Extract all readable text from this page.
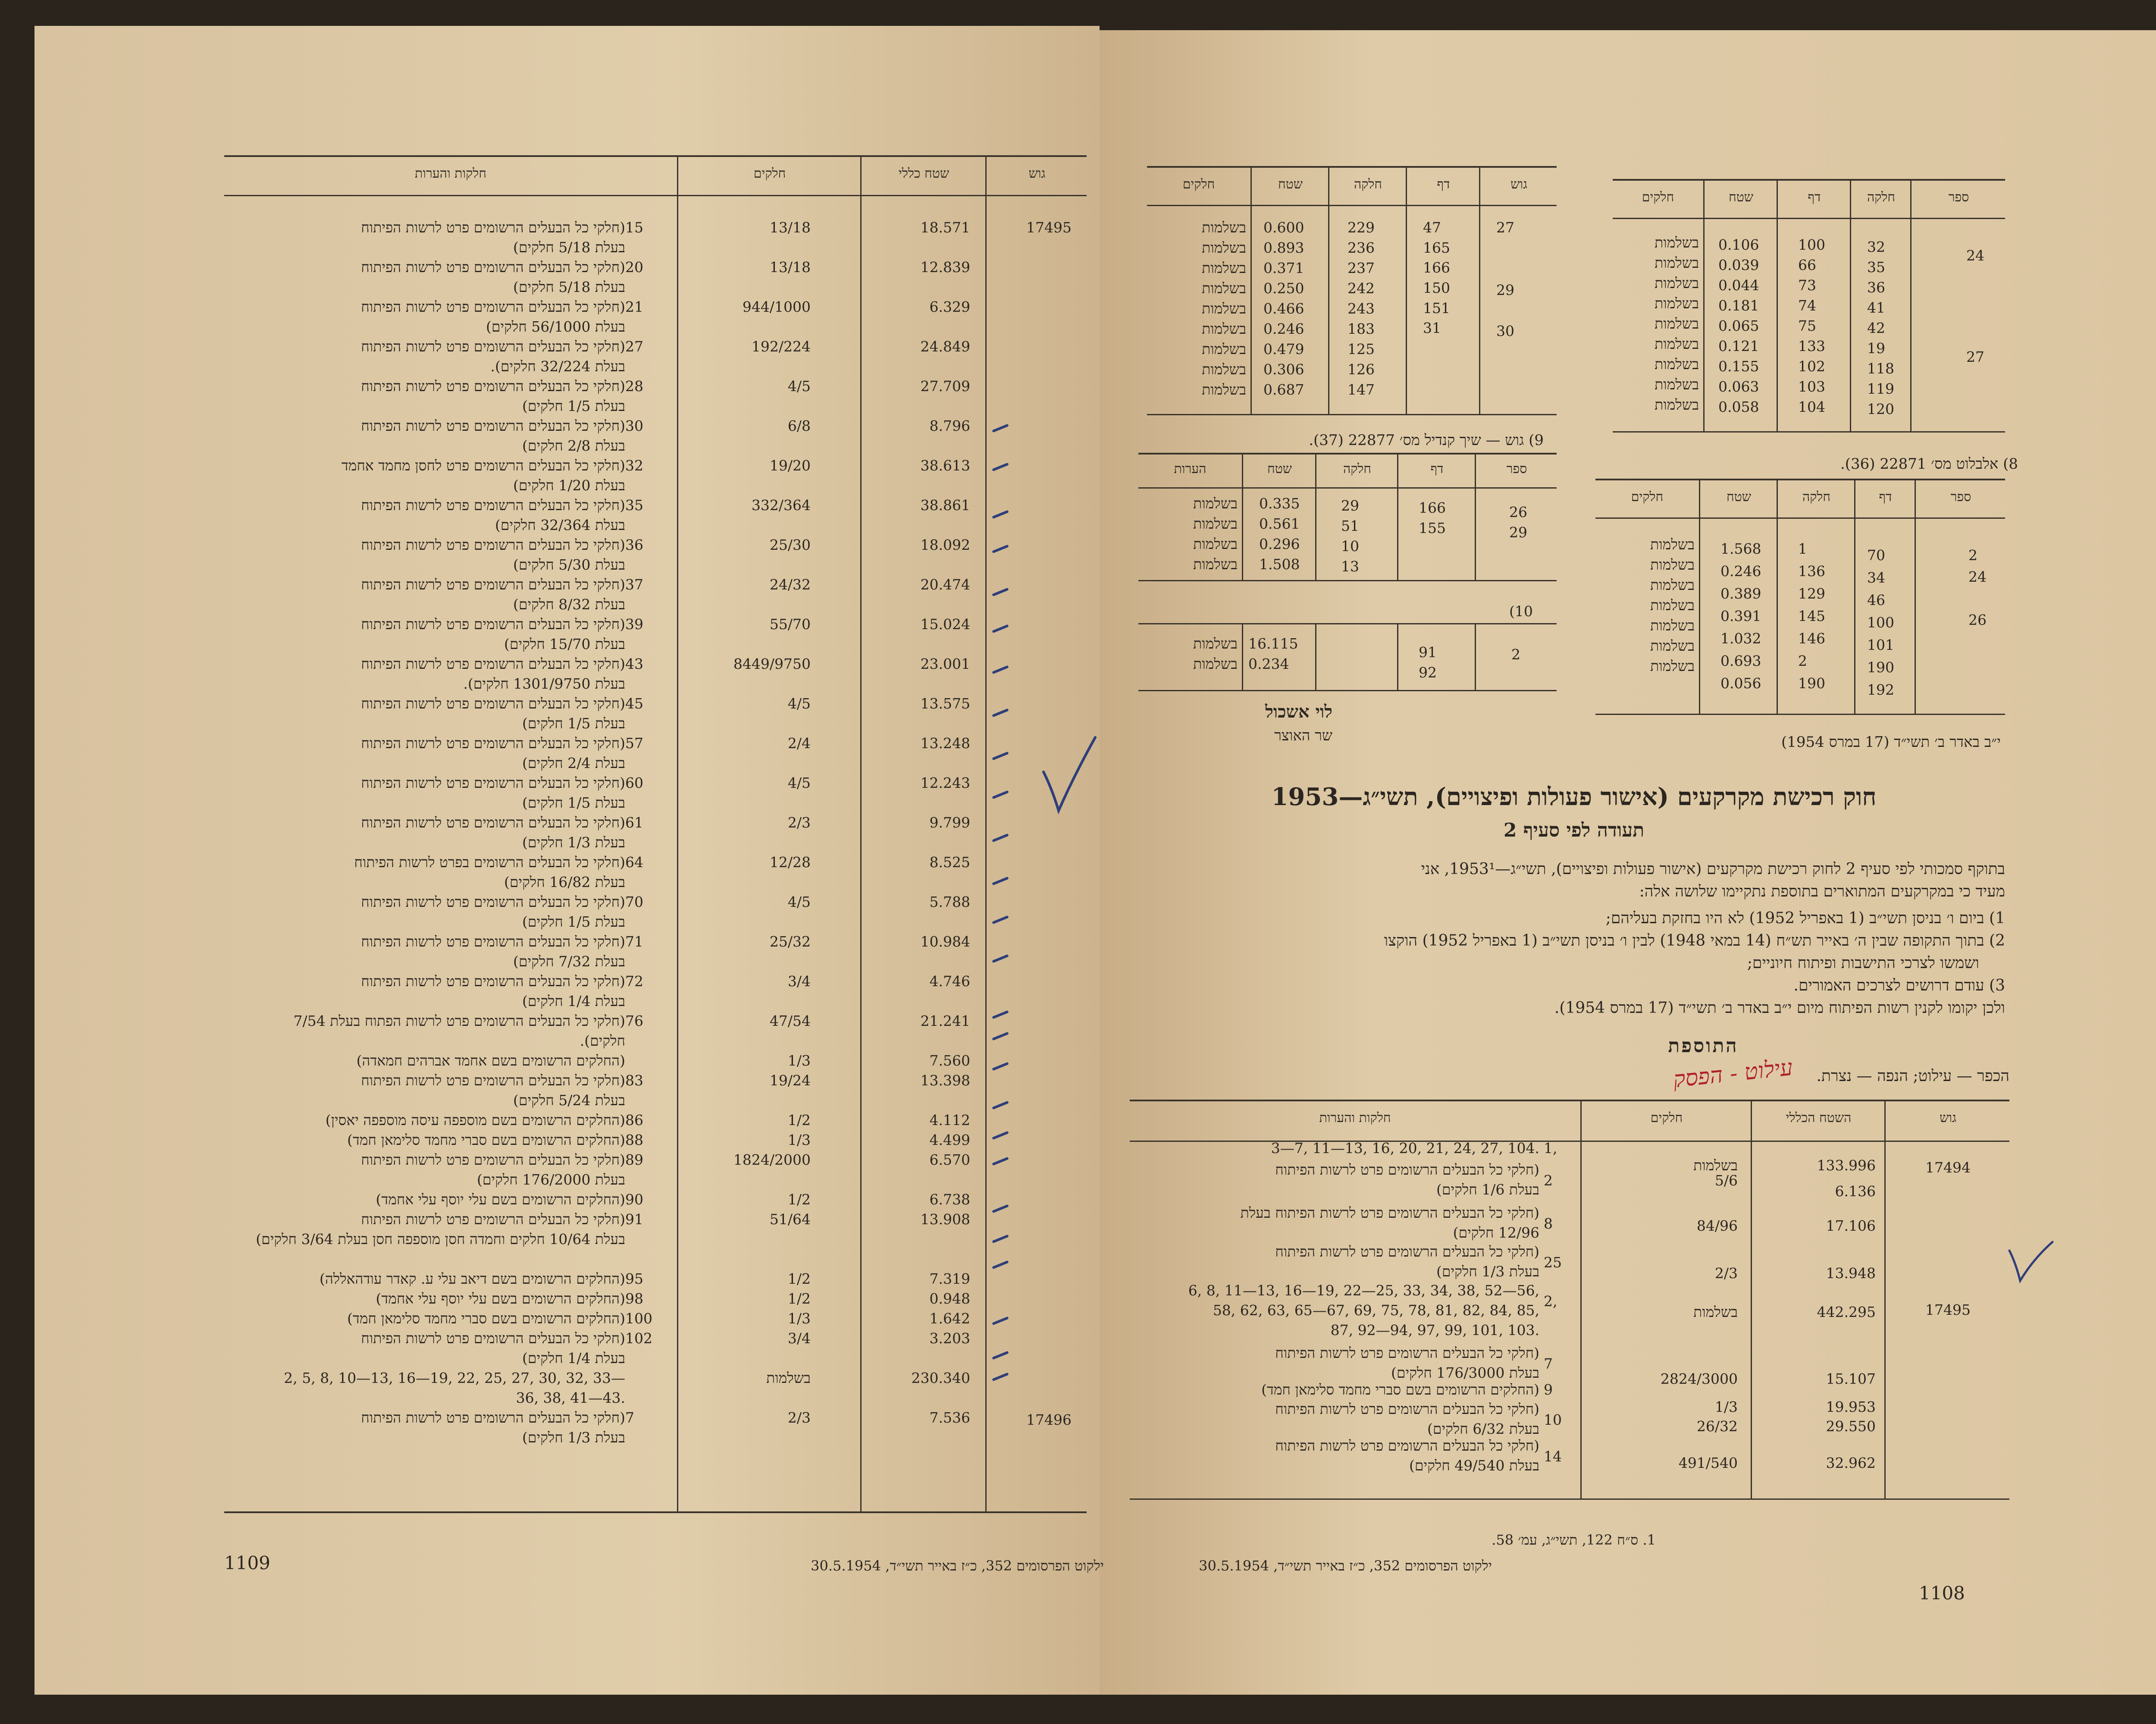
גוש
שטח כללי
חלקים
חלקות והערות
17495
17496
18.571
13/18
15
(חלקי כל הבעלים הרשומים פרט לרשות הפיתוח
בעלת 5/18 חלקים)
12.839
13/18
20
(חלקי כל הבעלים הרשומים פרט לרשות הפיתוח
בעלת 5/18 חלקים)
6.329
944/1000
21
(חלקי כל הבעלים הרשומים פרט לרשות הפיתוח
בעלת 56/1000 חלקים)
24.849
192/224
27
(חלקי כל הבעלים הרשומים פרט לרשות הפיתוח
בעלת 32/224 חלקים).
27.709
4/5
28
(חלקי כל הבעלים הרשומים פרט לרשות הפיתוח
בעלת 1/5 חלקים)
8.796
6/8
30
(חלקי כל הבעלים הרשומים פרט לרשות הפיתוח
בעלת 2/8 חלקים)
38.613
19/20
32
(חלקי כל הבעלים הרשומים פרט לחסן מחמד אחמד
בעלת 1/20 חלקים)
38.861
332/364
35
(חלקי כל הבעלים הרשומים פרט לרשות הפיתוח
בעלת 32/364 חלקים)
18.092
25/30
36
(חלקי כל הבעלים הרשומים פרט לרשות הפיתוח
בעלת 5/30 חלקים)
20.474
24/32
37
(חלקי כל הבעלים הרשומים פרט לרשות הפיתוח
בעלת 8/32 חלקים)
15.024
55/70
39
(חלקי כל הבעלים הרשומים פרט לרשות הפיתוח
בעלת 15/70 חלקים)
23.001
8449/9750
43
(חלקי כל הבעלים הרשומים פרט לרשות הפיתוח
בעלת 1301/9750 חלקים).
13.575
4/5
45
(חלקי כל הבעלים הרשומים פרט לרשות הפיתוח
בעלת 1/5 חלקים)
13.248
2/4
57
(חלקי כל הבעלים הרשומים פרט לרשות הפיתוח
בעלת 2/4 חלקים)
12.243
4/5
60
(חלקי כל הבעלים הרשומים פרט לרשות הפיתוח
בעלת 1/5 חלקים)
9.799
2/3
61
(חלקי כל הבעלים הרשומים פרט לרשות הפיתוח
בעלת 1/3 חלקים)
8.525
12/28
64
(חלקי כל הבעלים הרשומים בפרט לרשות הפיתוח
בעלת 16/82 חלקים)
5.788
4/5
70
(חלקי כל הבעלים הרשומים פרט לרשות הפיתוח
בעלת 1/5 חלקים)
10.984
25/32
71
(חלקי כל הבעלים הרשומים פרט לרשות הפיתוח
בעלת 7/32 חלקים)
4.746
3/4
72
(חלקי כל הבעלים הרשומים פרט לרשות הפיתוח
בעלת 1/4 חלקים)
21.241
47/54
76
(חלקי כל הבעלים הרשומים פרט לרשות הפתוח בעלת 7/54
חלקים).
7.560
1/3
(החלקים הרשומים בשם אחמד אברהים חמאדה)
13.398
19/24
83
(חלקי כל הבעלים הרשומים פרט לרשות הפיתוח
בעלת 5/24 חלקים)
4.112
1/2
86
(החלקים הרשומים בשם מוספפה עיסה מוספפה יאסין)
4.499
1/3
88
(החלקים הרשומים בשם סברי מחמד סלימאן חמד)
6.570
1824/2000
89
(חלקי כל הבעלים הרשומים פרט לרשות הפיתוח
בעלת 176/2000 חלקים)
6.738
1/2
90
(החלקים הרשומים בשם עלי יוסף עלי אחמד)
13.908
51/64
91
(חלקי כל הבעלים הרשומים פרט לרשות הפיתוח
בעלת 10/64 חלקים וחמדה חסן מוספפה חסן בעלת 3/64 חלקים)
7.319
1/2
95
(החלקים הרשומים בשם דיאב עלי ע. קאדר עודהאללה)
0.948
1/2
98
(החלקים הרשומים בשם עלי יוסף עלי אחמד)
1.642
1/3
100
(החלקים הרשומים בשם סברי מחמד סלימאן חמד)
3.203
3/4
102
(חלקי כל הבעלים הרשומים פרט לרשות הפיתוח
בעלת 1/4 חלקים)
230.340
בשלמות
2, 5, 8, 10—13, 16—19, 22, 25, 27, 30, 32, 33—
36, 38, 41—43.
7.536
2/3
7
(חלקי כל הבעלים הרשומים פרט לרשות הפיתוח
בעלת 1/3 חלקים)
1109	ילקוט הפרסומים 352, כ״ז באייר תשי״ד, 30.5.1954
גוש
דף
חלקה
שטח
חלקים
27
29
30
47
165
166
150
151
31
229
236
237
242
243
183
125
126
147
0.600
0.893
0.371
0.250
0.466
0.246
0.479
0.306
0.687
בשלמות
בשלמות
בשלמות
בשלמות
בשלמות
בשלמות
בשלמות
בשלמות
בשלמות
ספר
חלקה
דף
שטח
חלקים
24
27
32
35
36
41
42
19
118
119
120
100
66
73
74
75
133
102
103
104
0.106
0.039
0.044
0.181
0.065
0.121
0.155
0.063
0.058
בשלמות
בשלמות
בשלמות
בשלמות
בשלמות
בשלמות
בשלמות
בשלמות
בשלמות
9) גוש — שיך קנדיל מס׳ 22877 (37).
ספר
דף
חלקה
שטח
הערות
26
29
166
155
29
51
10
13
0.335
0.561
0.296
1.508
בשלמות
בשלמות
בשלמות
בשלמות
(10
2
91
92
16.115
0.234
בשלמות
בשלמות
8) אלבלוט מס׳ 22871 (36).
ספר
דף
חלקה
שטח
חלקים
2
24
26
70
34
46
100
101
190
192
1
136
129
145
146
2
190
1.568
0.246
0.389
0.391
1.032
0.693
0.056
בשלמות
בשלמות
בשלמות
בשלמות
בשלמות
בשלמות
בשלמות
לוי אשכול
שר האוצר	י״ב באדר ב׳ תשי״ד (17 במרס 1954)
חוק רכישת מקרקעים (אישור פעולות ופיצויים), תשי״ג—1953
תעודה לפי סעיף 2
בתוקף סמכותי לפי סעיף 2 לחוק רכישת מקרקעים (אישור פעולות ופיצויים), תשי״ג—1953¹, אני
מעיד כי במקרקעים המתוארים בתוספת נתקיימו שלושה אלה:
1) ביום ו׳ בניסן תשי״ב (1 באפריל 1952) לא היו בחזקת בעליהם;
2) בתוך התקופה שבין ה׳ באייר תש״ח (14 במאי 1948) לבין ו׳ בניסן תשי״ב (1 באפריל 1952) הוקצו
ושמשו לצרכי התישבות ופיתוח חיוניים;
3) עודם דרושים לצרכים האמורים.
ולכן יקומו לקנין רשות הפיתוח מיום י״ב באדר ב׳ תשי״ד (17 במרס 1954).
התוספת
הכפר — עילוט; הנפה — נצרת.
עילוט - הפסק
גוש
השטח הכללי
חלקים
חלקות והערות
17494
17495
133.996
בשלמות
1,
3—7, 11—13, 16, 20, 21, 24, 27, 104.
6.136
5/6
2
(חלקי כל הבעלים הרשומים פרט לרשות הפיתוח
בעלת 1/6 חלקים)
17.106
84/96
8
(חלקי כל הבעלים הרשומים פרט לרשות הפיתוח בעלת
12/96 חלקים)
13.948
2/3
25
(חלקי כל הבעלים הרשומים פרט לרשות הפיתוח
בעלת 1/3 חלקים)
442.295
בשלמות
2,
6, 8, 11—13, 16—19, 22—25, 33, 34, 38, 52—56,
58, 62, 63, 65—67, 69, 75, 78, 81, 82, 84, 85,
87, 92—94, 97, 99, 101, 103.
15.107
2824/3000
7
(חלקי כל הבעלים הרשומים פרט לרשות הפיתוח
בעלת 176/3000 חלקים)
19.953
1/3
9
(החלקים הרשומים בשם סברי מחמד סלימאן חמד)
29.550
26/32
10
(חלקי כל הבעלים הרשומים פרט לרשות הפיתוח
בעלת 6/32 חלקים)
32.962
491/540
14
(חלקי כל הבעלים הרשומים פרט לרשות הפיתוח
בעלת 49/540 חלקים)
1. ס״ח 122, תשי״ג, עמ׳ 58.
ילקוט הפרסומים 352, כ״ז באייר תשי״ד, 30.5.1954
1108
